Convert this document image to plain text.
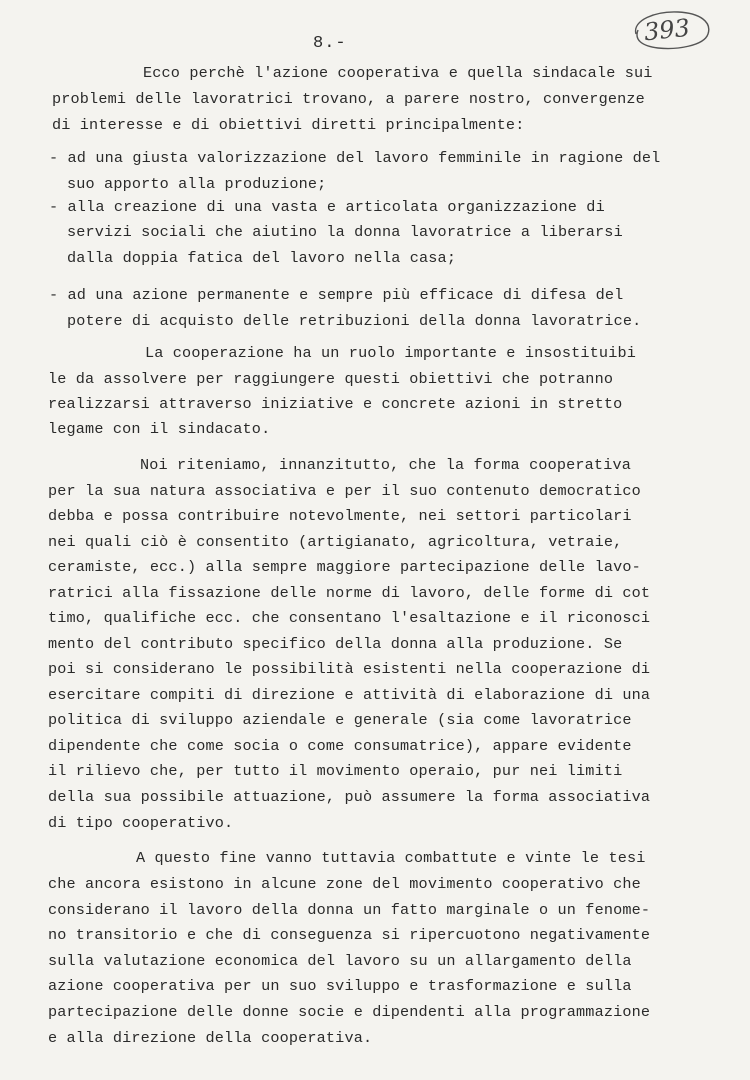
8.-	393
Ecco perchè l'azione cooperativa e quella sindacale sui
problemi delle lavoratrici trovano, a parere nostro, convergenze
di interesse e di obiettivi diretti principalmente:
- ad una giusta valorizzazione del lavoro femminile in ragione del
suo apporto alla produzione;
- alla creazione di una vasta e articolata organizzazione di
servizi sociali che aiutino la donna lavoratrice a liberarsi
dalla doppia fatica del lavoro nella casa;
- ad una azione permanente e sempre più efficace di difesa del
potere di acquisto delle retribuzioni della donna lavoratrice.
La cooperazione ha un ruolo importante e insostituibi
le da assolvere per raggiungere questi obiettivi che potranno
realizzarsi attraverso iniziative e concrete azioni in stretto
legame con il sindacato.
Noi riteniamo, innanzitutto, che la forma cooperativa
per la sua natura associativa e per il suo contenuto democratico
debba e possa contribuire notevolmente, nei settori particolari
nei quali ciò è consentito (artigianato, agricoltura, vetraie,
ceramiste, ecc.) alla sempre maggiore partecipazione delle lavo-
ratrici alla fissazione delle norme di lavoro, delle forme di cot
timo, qualifiche ecc. che consentano l'esaltazione e il riconosci
mento del contributo specifico della donna alla produzione. Se
poi si considerano le possibilità esistenti nella cooperazione di
esercitare compiti di direzione e attività di elaborazione di una
politica di sviluppo aziendale e generale (sia come lavoratrice
dipendente che come socia o come consumatrice), appare evidente
il rilievo che, per tutto il movimento operaio, pur nei limiti
della sua possibile attuazione, può assumere la forma associativa
di tipo cooperativo.
A questo fine vanno tuttavia combattute e vinte le tesi
che ancora esistono in alcune zone del movimento cooperativo che
considerano il lavoro della donna un fatto marginale o un fenome-
no transitorio e che di conseguenza si ripercuotono negativamente
sulla valutazione economica del lavoro su un allargamento della
azione cooperativa per un suo sviluppo e trasformazione e sulla
partecipazione delle donne socie e dipendenti alla programmazione
e alla direzione della cooperativa.
